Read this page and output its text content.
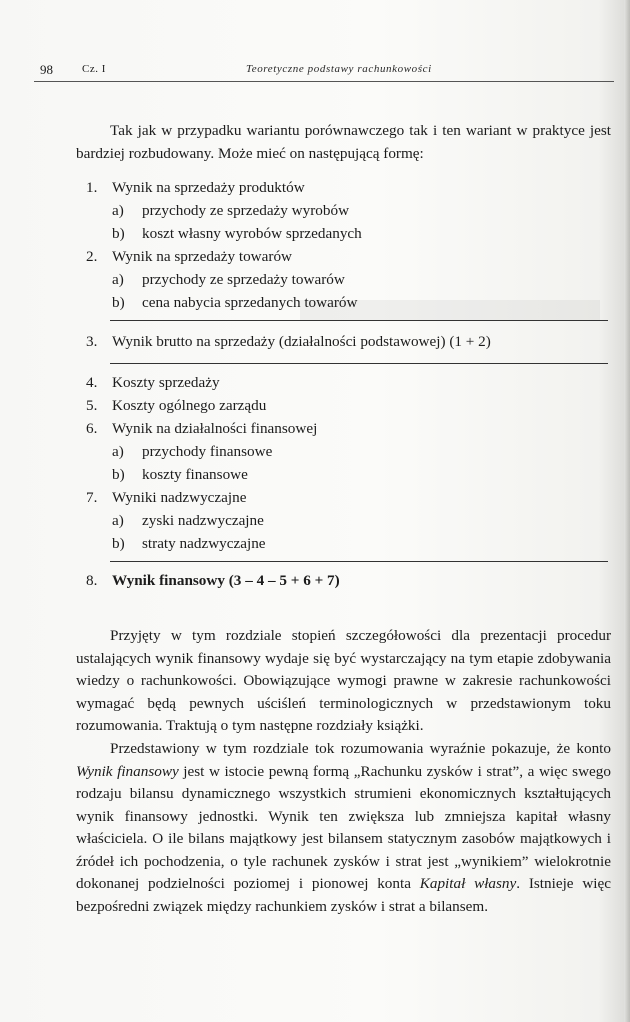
98	Cz. I	Teoretyczne podstawy rachunkowości

Tak jak w przypadku wariantu porównawczego tak i ten wariant w praktyce jest bardziej rozbudowany. Może mieć on następującą formę:

1. Wynik na sprzedaży produktów
a) przychody ze sprzedaży wyrobów
b) koszt własny wyrobów sprzedanych
2. Wynik na sprzedaży towarów
a) przychody ze sprzedaży towarów
b) cena nabycia sprzedanych towarów
3. Wynik brutto na sprzedaży (działalności podstawowej) (1 + 2)
4. Koszty sprzedaży
5. Koszty ogólnego zarządu
6. Wynik na działalności finansowej
a) przychody finansowe
b) koszty finansowe
7. Wyniki nadzwyczajne
a) zyski nadzwyczajne
b) straty nadzwyczajne
8. Wynik finansowy (3 – 4 – 5 + 6 + 7)

Przyjęty w tym rozdziale stopień szczegółowości dla prezentacji procedur ustalających wynik finansowy wydaje się być wystarczający na tym etapie zdobywania wiedzy o rachunkowości. Obowiązujące wymogi prawne w zakresie rachunkowości wymagać będą pewnych uściśleń terminologicznych w przedstawionym toku rozumowania. Traktują o tym następne rozdziały książki.

Przedstawiony w tym rozdziale tok rozumowania wyraźnie pokazuje, że konto Wynik finansowy jest w istocie pewną formą „Rachunku zysków i strat”, a więc swego rodzaju bilansu dynamicznego wszystkich strumieni ekonomicznych kształtujących wynik finansowy jednostki. Wynik ten zwiększa lub zmniejsza kapitał własny właściciela. O ile bilans majątkowy jest bilansem statycznym zasobów majątkowych i źródeł ich pochodzenia, o tyle rachunek zysków i strat jest „wynikiem” wielokrotnie dokonanej podzielności poziomej i pionowej konta Kapitał własny. Istnieje więc bezpośredni związek między rachunkiem zysków i strat a bilansem.
